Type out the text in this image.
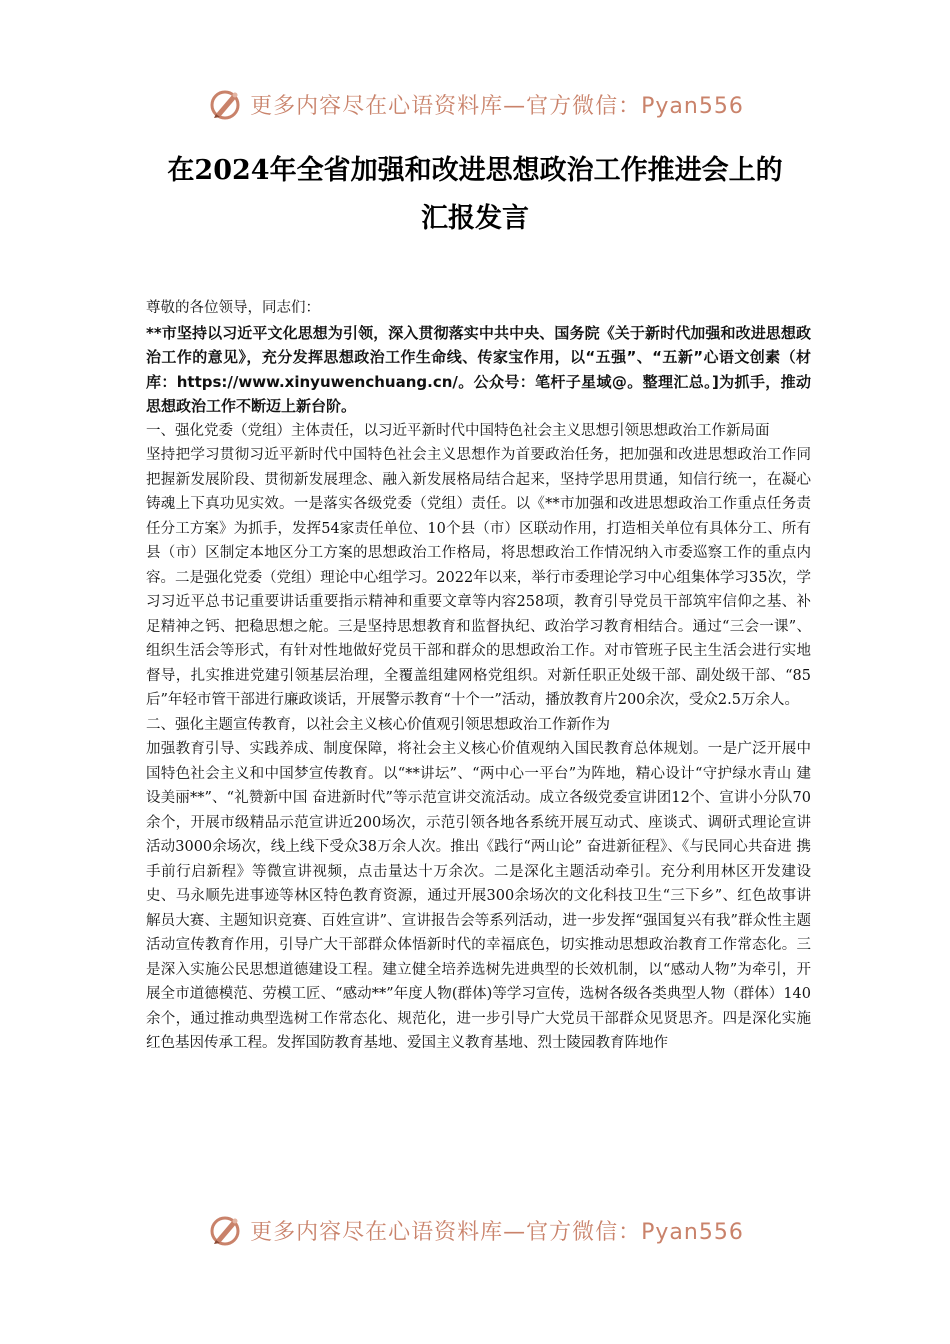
更多内容尽在心语资料库—官方微信：Pyan556
在2024年全省加强和改进思想政治工作推进会上的
汇报发言

尊敬的各位领导，同志们：

**市坚持以习近平文化思想为引领，深入贯彻落实中共中央、国务院《关于新时代加强和改进思想政治工作的意见》，充分发挥思想政治工作生命线、传家宝作用，以“五强”、“五新”心语文创素（材库：https://www.xinyuwenchuang.cn/。公众号：笔杆子星域@。整理汇总。]为抓手，推动思想政治工作不断迈上新台阶。

一、强化党委（党组）主体责任，以习近平新时代中国特色社会主义思想引领思想政治工作新局面

坚持把学习贯彻习近平新时代中国特色社会主义思想作为首要政治任务，把加强和改进思想政治工作同把握新发展阶段、贯彻新发展理念、融入新发展格局结合起来，坚持学思用贯通，知信行统一，在凝心铸魂上下真功见实效。一是落实各级党委（党组）责任。以《**市加强和改进思想政治工作重点任务责任分工方案》为抓手，发挥54家责任单位、10个县（市）区联动作用，打造相关单位有具体分工、所有县（市）区制定本地区分工方案的思想政治工作格局，将思想政治工作情况纳入市委巡察工作的重点内容。二是强化党委（党组）理论中心组学习。2022年以来，举行市委理论学习中心组集体学习35次，学习习近平总书记重要讲话重要指示精神和重要文章等内容258项，教育引导党员干部筑牢信仰之基、补足精神之钙、把稳思想之舵。三是坚持思想教育和监督执纪、政治学习教育相结合。通过“三会一课”、组织生活会等形式，有针对性地做好党员干部和群众的思想政治工作。对市管班子民主生活会进行实地督导，扎实推进党建引领基层治理，全覆盖组建网格党组织。对新任职正处级干部、副处级干部、“85后”年轻市管干部进行廉政谈话，开展警示教育“十个一”活动，播放教育片200余次，受众2.5万余人。

二、强化主题宣传教育，以社会主义核心价值观引领思想政治工作新作为

加强教育引导、实践养成、制度保障，将社会主义核心价值观纳入国民教育总体规划。一是广泛开展中国特色社会主义和中国梦宣传教育。以“**讲坛”、“两中心一平台”为阵地，精心设计“守护绿水青山 建设美丽**”、“礼赞新中国 奋进新时代”等示范宣讲交流活动。成立各级党委宣讲团12个、宣讲小分队70余个，开展市级精品示范宣讲近200场次，示范引领各地各系统开展互动式、座谈式、调研式理论宣讲活动3000余场次，线上线下受众38万余人次。推出《践行“两山论” 奋进新征程》、《与民同心共奋进 携手前行启新程》等微宣讲视频，点击量达十万余次。二是深化主题活动牵引。充分利用林区开发建设史、马永顺先进事迹等林区特色教育资源，通过开展300余场次的文化科技卫生“三下乡”、红色故事讲解员大赛、主题知识竞赛、百姓宣讲”、宣讲报告会等系列活动，进一步发挥“强国复兴有我”群众性主题活动宣传教育作用，引导广大干部群众体悟新时代的幸福底色，切实推动思想政治教育工作常态化。三是深入实施公民思想道德建设工程。建立健全培养选树先进典型的长效机制，以“感动人物”为牵引，开展全市道德模范、劳模工匠、“感动**”年度人物(群体)等学习宣传，选树各级各类典型人物（群体）140余个，通过推动典型选树工作常态化、规范化，进一步引导广大党员干部群众见贤思齐。四是深化实施红色基因传承工程。发挥国防教育基地、爱国主义教育基地、烈士陵园教育阵地作

更多内容尽在心语资料库—官方微信：Pyan556
